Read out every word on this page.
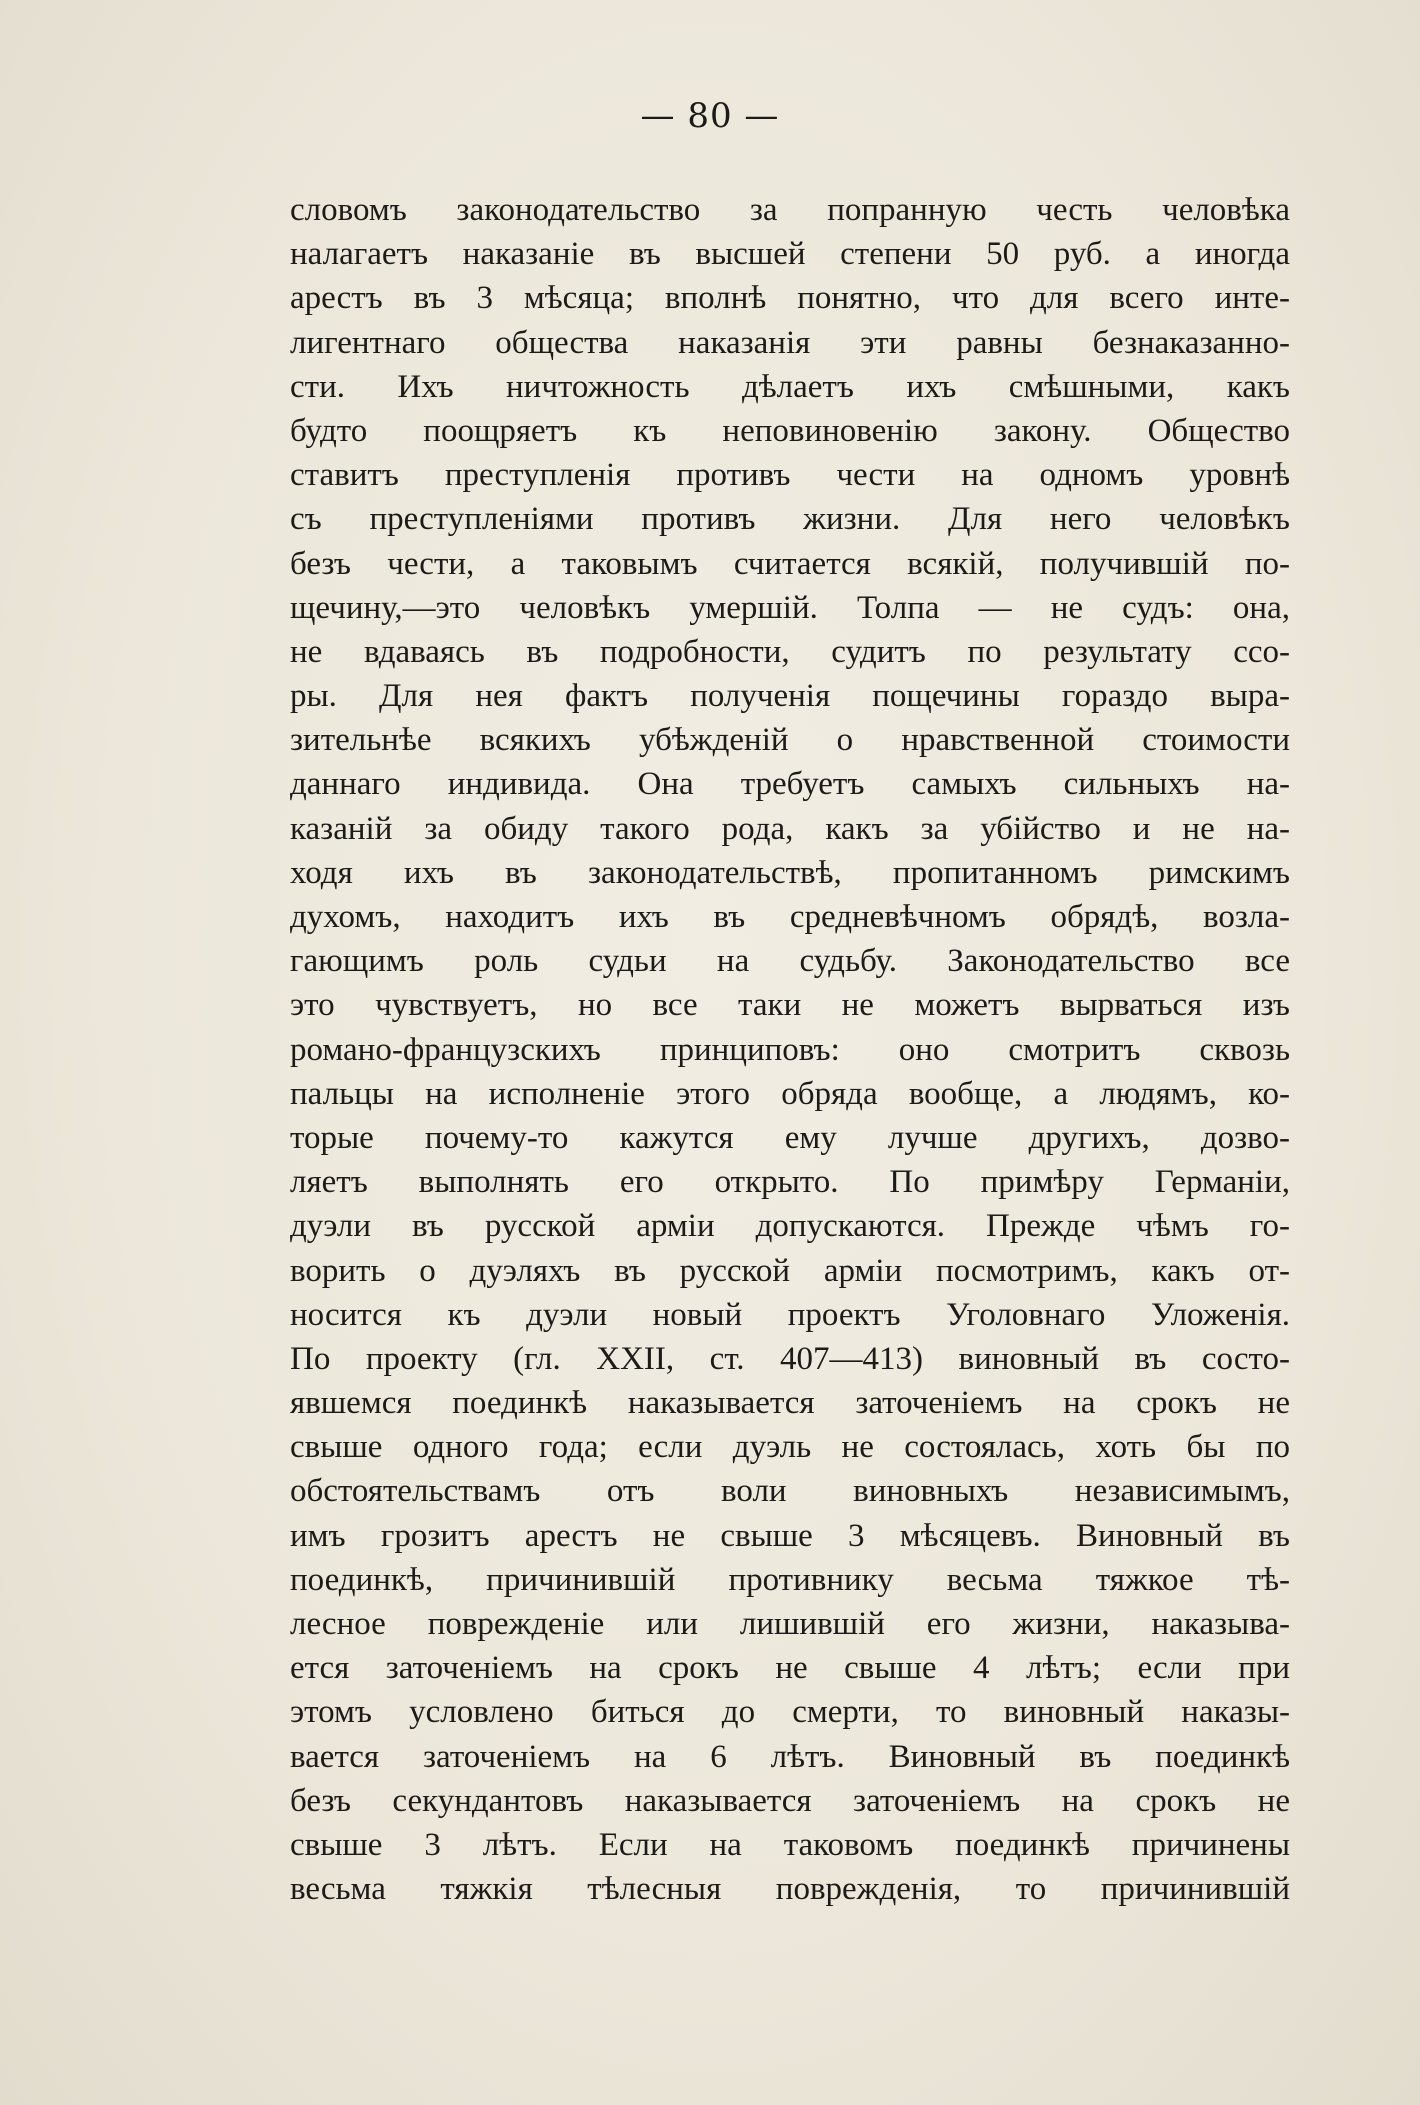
— 80 —
словомъ законодательство за попранную честь человѣка
налагаетъ наказаніе въ высшей степени 50 руб. а иногда
арестъ въ 3 мѣсяца; вполнѣ понятно, что для всего инте-
лигентнаго общества наказанія эти равны безнаказанно-
сти. Ихъ ничтожность дѣлаетъ ихъ смѣшными, какъ
будто поощряетъ къ неповиновенію закону. Общество
ставитъ преступленія противъ чести на одномъ уровнѣ
съ преступленіями противъ жизни. Для него человѣкъ
безъ чести, а таковымъ считается всякій, получившій по-
щечину,—это человѣкъ умершій. Толпа — не судъ: она,
не вдаваясь въ подробности, судитъ по результату ссо-
ры. Для нея фактъ полученія пощечины гораздо выра-
зительнѣе всякихъ убѣжденій о нравственной стоимости
даннаго индивида. Она требуетъ самыхъ сильныхъ на-
казаній за обиду такого рода, какъ за убійство и не на-
ходя ихъ въ законодательствѣ, пропитанномъ римскимъ
духомъ, находитъ ихъ въ средневѣчномъ обрядѣ, возла-
гающимъ роль судьи на судьбу. Законодательство все
это чувствуетъ, но все таки не можетъ вырваться изъ
романо-французскихъ принциповъ: оно смотритъ сквозь
пальцы на исполненіе этого обряда вообще, а людямъ, ко-
торые почему-то кажутся ему лучше другихъ, дозво-
ляетъ выполнять его открыто. По примѣру Германіи,
дуэли въ русской арміи допускаются. Прежде чѣмъ го-
ворить о дуэляхъ въ русской арміи посмотримъ, какъ от-
носится къ дуэли новый проектъ Уголовнаго Уложенія.
По проекту (гл. XXII, ст. 407—413) виновный въ состо-
явшемся поединкѣ наказывается заточеніемъ на срокъ не
свыше одного года; если дуэль не состоялась, хоть бы по
обстоятельствамъ отъ воли виновныхъ независимымъ,
имъ грозитъ арестъ не свыше 3 мѣсяцевъ. Виновный въ
поединкѣ, причинившій противнику весьма тяжкое тѣ-
лесное поврежденіе или лишившій его жизни, наказыва-
ется заточеніемъ на срокъ не свыше 4 лѣтъ; если при
этомъ условлено биться до смерти, то виновный наказы-
вается заточеніемъ на 6 лѣтъ. Виновный въ поединкѣ
безъ секундантовъ наказывается заточеніемъ на срокъ не
свыше 3 лѣтъ. Если на таковомъ поединкѣ причинены
весьма тяжкія тѣлесныя поврежденія, то причинившій
